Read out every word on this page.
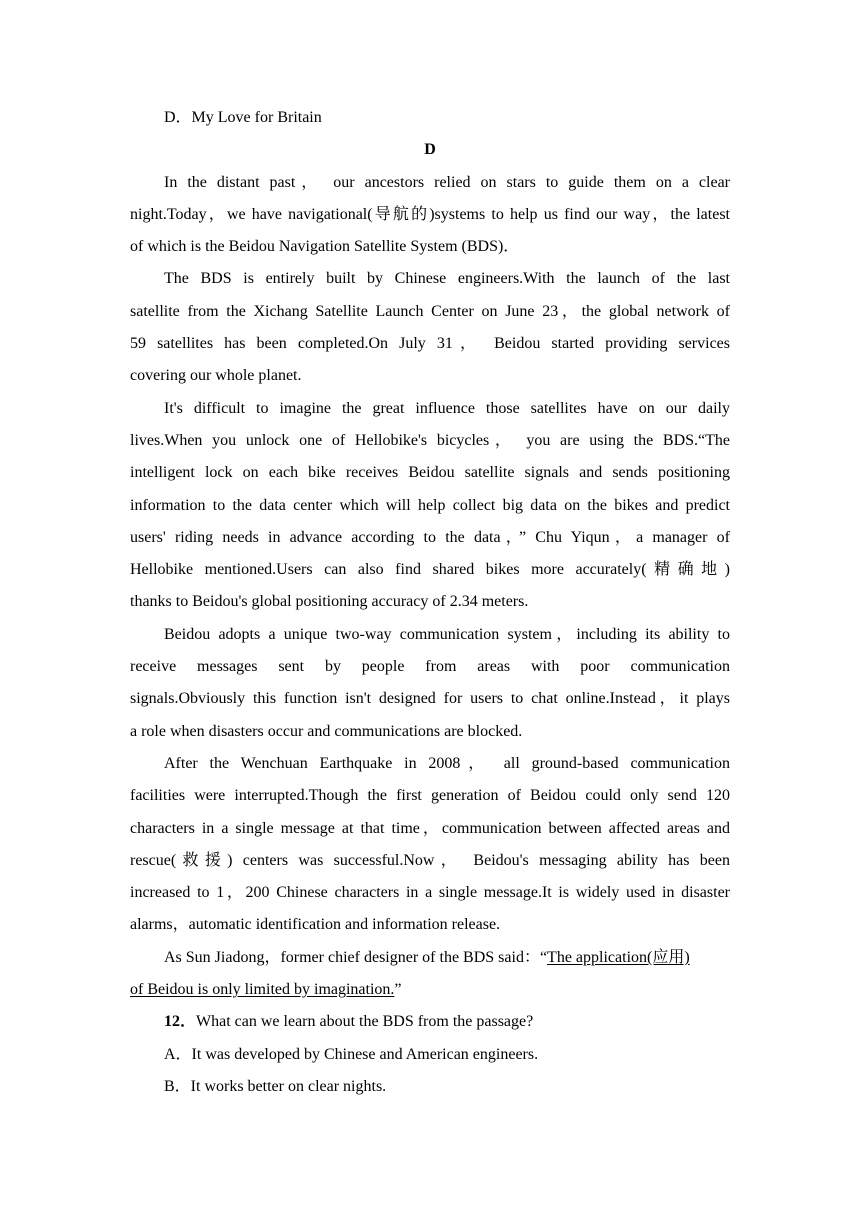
D．My Love for Britain

D

In the distant past， our ancestors relied on stars to guide them on a clear

night.Today，we have navigational(导航的)systems to help us find our way，the latest

of which is the Beidou Navigation Satellite System (BDS)．

The BDS is entirely built by Chinese engineers.With the launch of the last

satellite from the Xichang Satellite Launch Center on June 23，the global network of

59 satellites has been completed.On July 31， Beidou started providing services

covering our whole planet.

It's difficult to imagine the great influence those satellites have on our daily

lives.When you unlock one of Hellobike's bicycles， you are using the BDS.“The

intelligent lock on each bike receives Beidou satellite signals and sends positioning

information to the data center which will help collect big data on the bikes and predict

users' riding needs in advance according to the data，” Chu Yiqun，a manager of

Hellobike mentioned.Users can also find shared bikes more accurately(精确地)

thanks to Beidou's global positioning accuracy of 2.34 meters.

Beidou adopts a unique two-way communication system，including its ability to

receive messages sent by people from areas with poor communication

signals.Obviously this function isn't designed for users to chat online.Instead，it plays

a role when disasters occur and communications are blocked.

After the Wenchuan Earthquake in 2008， all ground-based communication

facilities were interrupted.Though the first generation of Beidou could only send 120

characters in a single message at that time，communication between affected areas and

rescue(救援) centers was successful.Now， Beidou's messaging ability has been

increased to 1，200 Chinese characters in a single message.It is widely used in disaster

alarms，automatic identification and information release.

As Sun Jiadong，former chief designer of the BDS said：“The application(应用)

of Beidou is only limited by imagination.”

12．What can we learn about the BDS from the passage?

A．It was developed by Chinese and American engineers.

B．It works better on clear nights.
